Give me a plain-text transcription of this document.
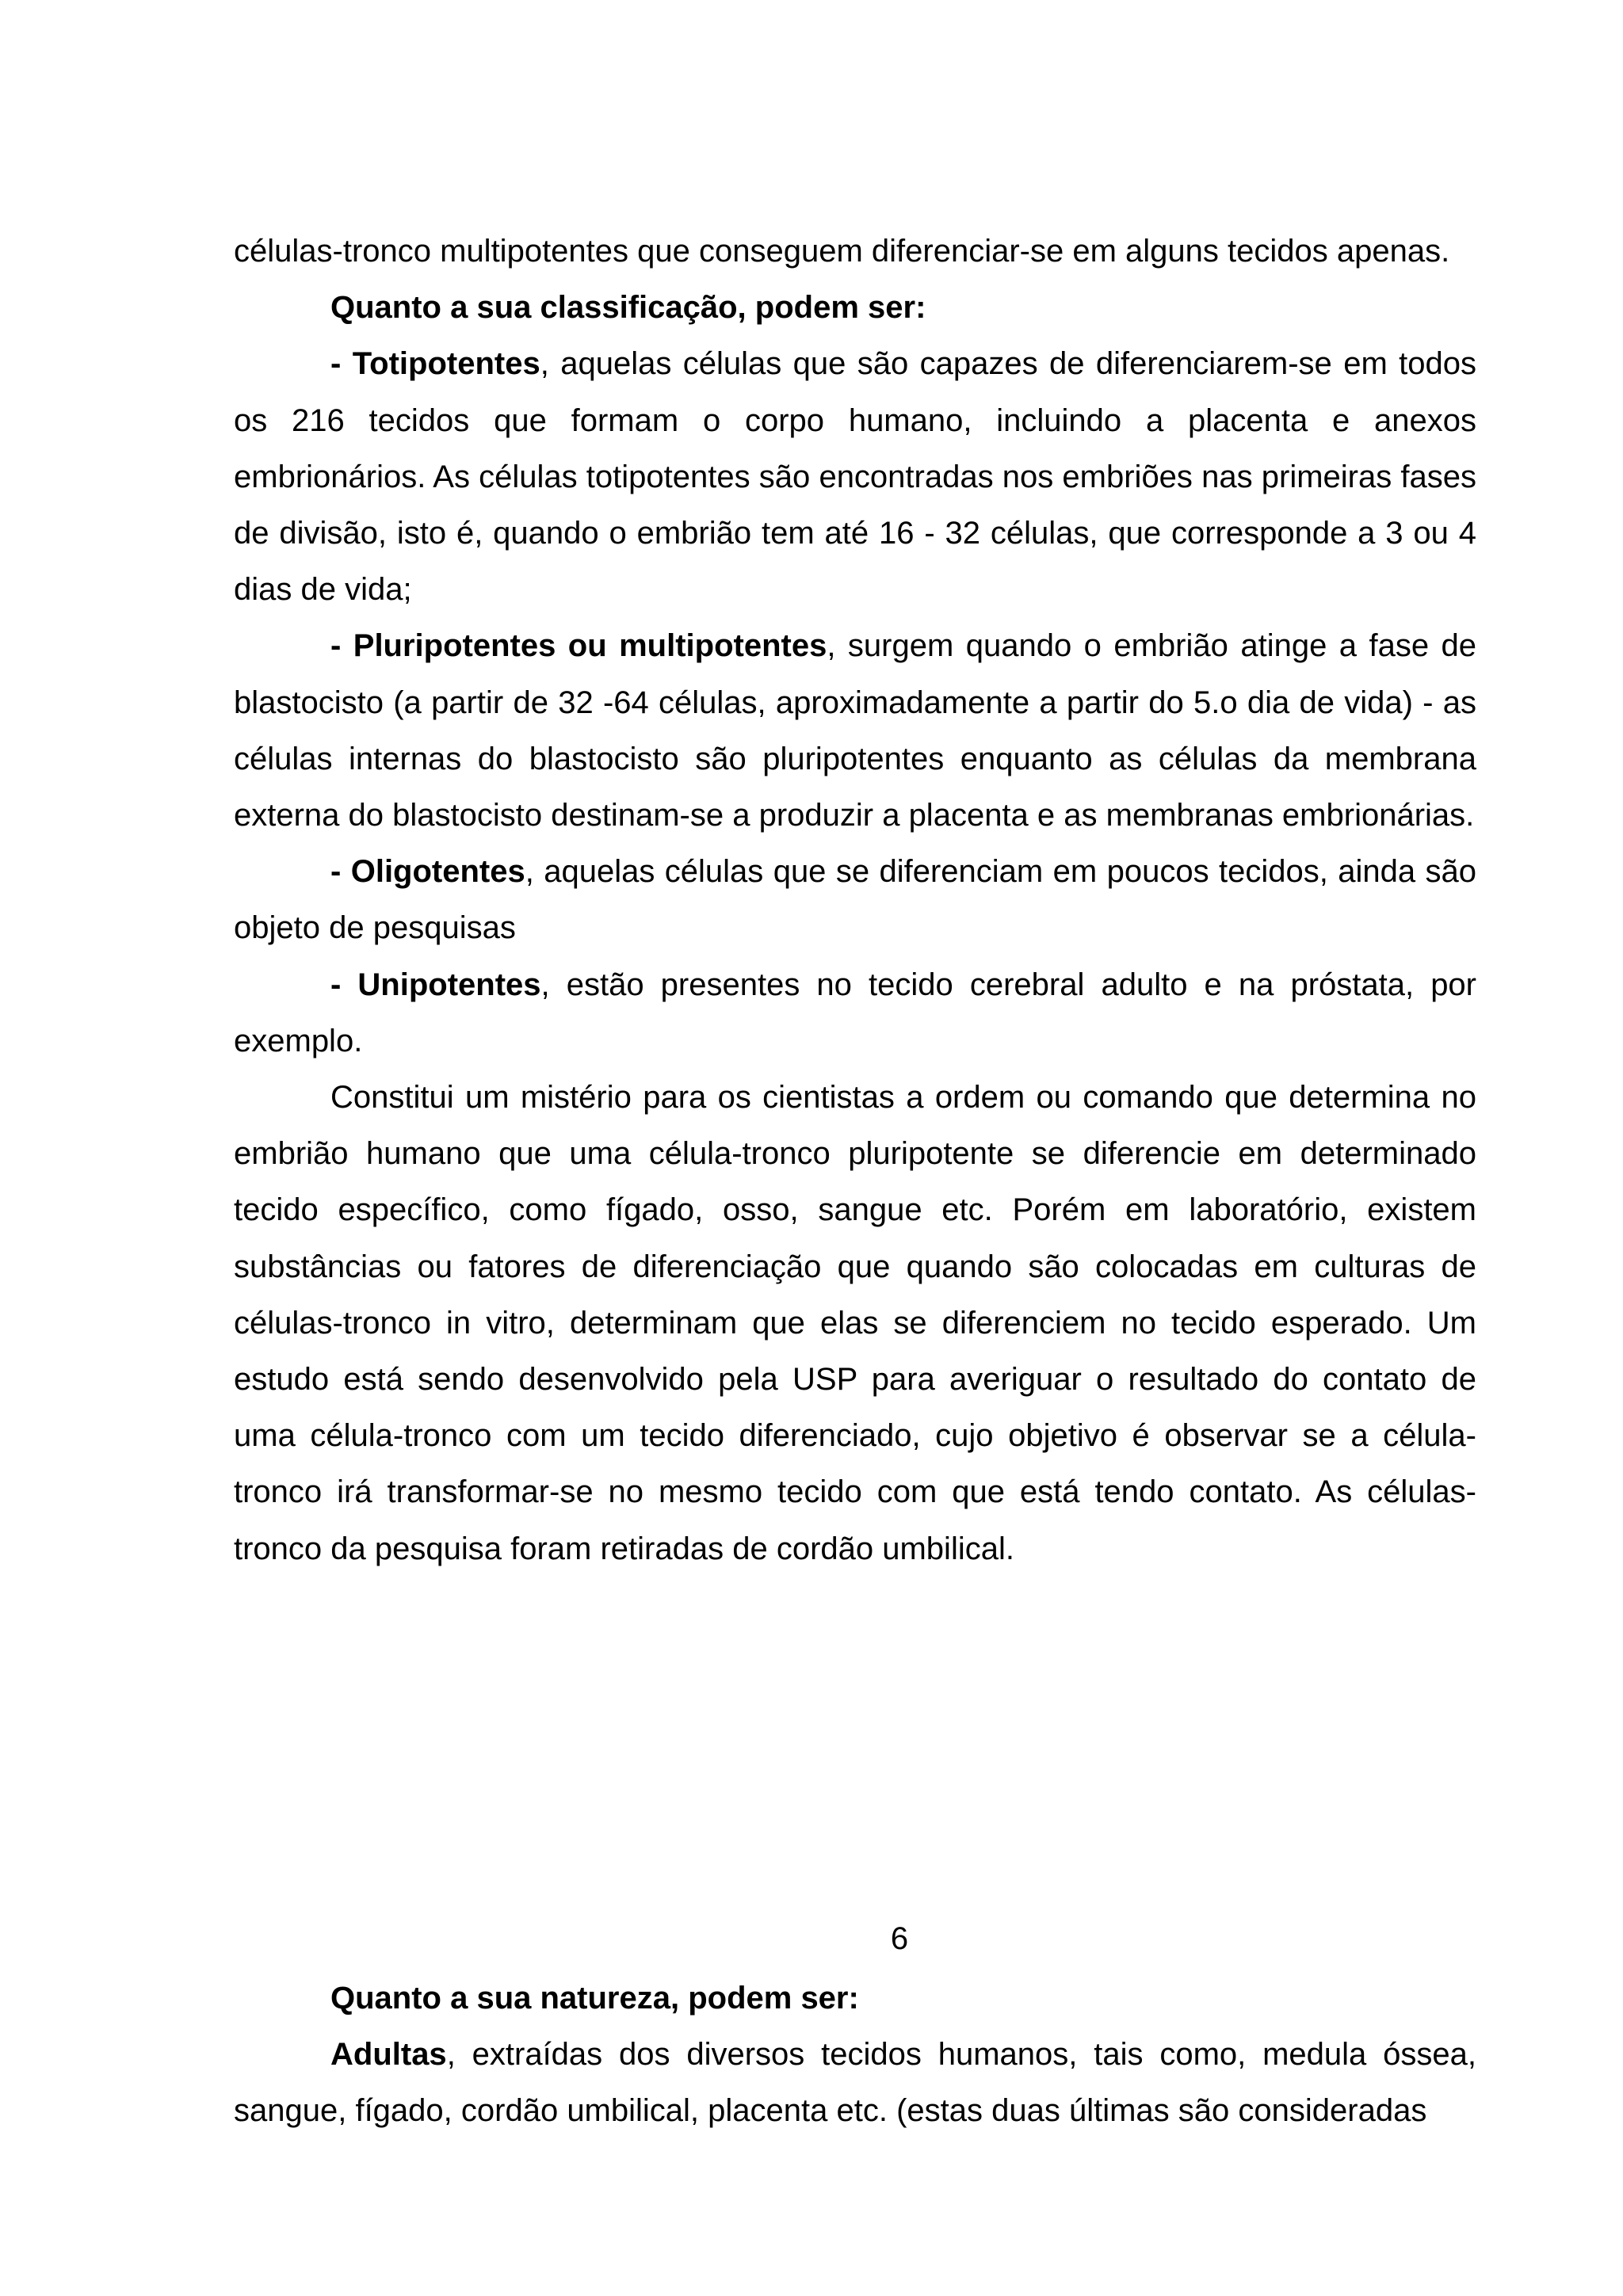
células-tronco multipotentes que conseguem diferenciar-se em alguns tecidos apenas.

Quanto a sua classificação, podem ser:

- Totipotentes, aquelas células que são capazes de diferenciarem-se em todos os 216 tecidos que formam o corpo humano, incluindo a placenta e anexos embrionários. As células totipotentes são encontradas nos embriões nas primeiras fases de divisão, isto é, quando o embrião tem até 16 - 32 células, que corresponde a 3 ou 4 dias de vida;

- Pluripotentes ou multipotentes, surgem quando o embrião atinge a fase de blastocisto (a partir de 32 -64 células, aproximadamente a partir do 5.o dia de vida) - as células internas do blastocisto são pluripotentes enquanto as células da membrana externa do blastocisto destinam-se a produzir a placenta e as membranas embrionárias.

- Oligotentes, aquelas células que se diferenciam em poucos tecidos, ainda são objeto de pesquisas

- Unipotentes, estão presentes no tecido cerebral adulto e na próstata, por exemplo.

Constitui um mistério para os cientistas a ordem ou comando que determina no embrião humano que uma célula-tronco pluripotente se diferencie em determinado tecido específico, como fígado, osso, sangue etc. Porém em laboratório, existem substâncias ou fatores de diferenciação que quando são colocadas em culturas de células-tronco in vitro, determinam que elas se diferenciem no tecido esperado. Um estudo está sendo desenvolvido pela USP para averiguar o resultado do contato de uma célula-tronco com um tecido diferenciado, cujo objetivo é observar se a célula-tronco irá transformar-se no mesmo tecido com que está tendo contato. As células-tronco da pesquisa foram retiradas de cordão umbilical.

6

Quanto a sua natureza, podem ser:

Adultas, extraídas dos diversos tecidos humanos, tais como, medula óssea, sangue, fígado, cordão umbilical, placenta etc. (estas duas últimas são consideradas
